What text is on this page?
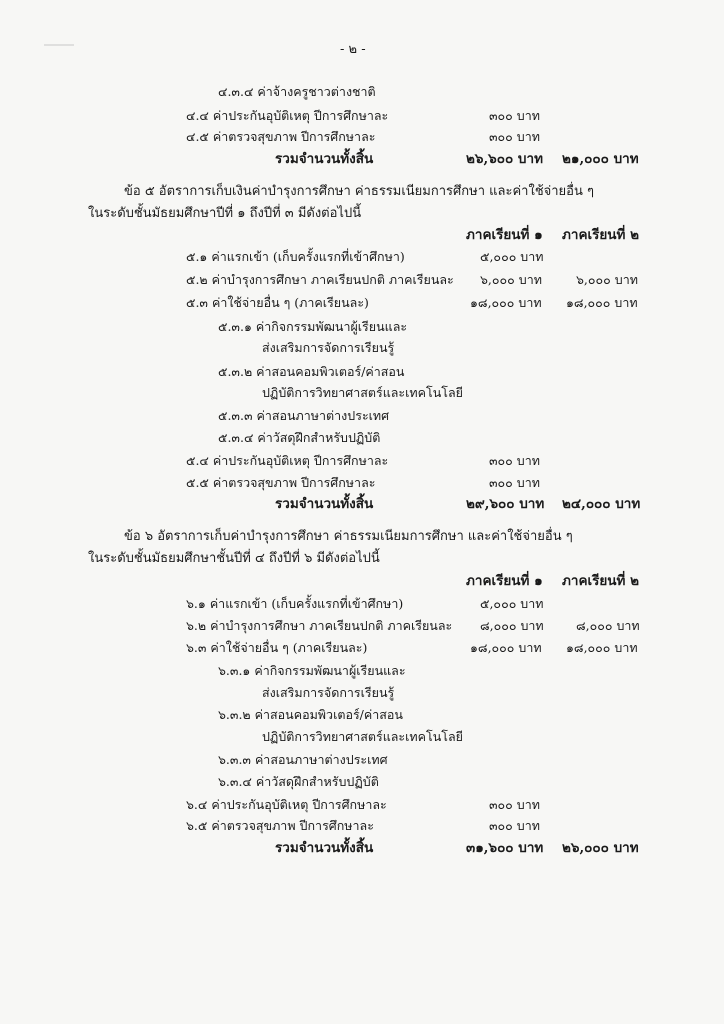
- ๒ -
๔.๓.๔ ค่าจ้างครูชาวต่างชาติ
๔.๔ ค่าประกันอุบัติเหตุ ปีการศึกษาละ	๓๐๐ บาท
๔.๕ ค่าตรวจสุขภาพ ปีการศึกษาละ	๓๐๐ บาท
รวมจำนวนทั้งสิ้น	๒๖,๖๐๐ บาท ๒๑,๐๐๐ บาท
ข้อ ๕ อัตราการเก็บเงินค่าบำรุงการศึกษา ค่าธรรมเนียมการศึกษา และค่าใช้จ่ายอื่น ๆ
ในระดับชั้นมัธยมศึกษาปีที่ ๑ ถึงปีที่ ๓ มีดังต่อไปนี้
ภาคเรียนที่ ๑ ภาคเรียนที่ ๒
๕.๑ ค่าแรกเข้า (เก็บครั้งแรกที่เข้าศึกษา)	๕,๐๐๐ บาท
๕.๒ ค่าบำรุงการศึกษา ภาคเรียนปกติ ภาคเรียนละ ๖,๐๐๐ บาท	๖,๐๐๐ บาท
๕.๓ ค่าใช้จ่ายอื่น ๆ (ภาคเรียนละ)	๑๘,๐๐๐ บาท ๑๘,๐๐๐ บาท
๕.๓.๑ ค่ากิจกรรมพัฒนาผู้เรียนและ
ส่งเสริมการจัดการเรียนรู้
๕.๓.๒ ค่าสอนคอมพิวเตอร์/ค่าสอน
ปฏิบัติการวิทยาศาสตร์และเทคโนโลยี
๕.๓.๓ ค่าสอนภาษาต่างประเทศ
๕.๓.๔ ค่าวัสดุฝึกสำหรับปฏิบัติ
๕.๔ ค่าประกันอุบัติเหตุ ปีการศึกษาละ	๓๐๐ บาท
๕.๕ ค่าตรวจสุขภาพ ปีการศึกษาละ	๓๐๐ บาท
รวมจำนวนทั้งสิ้น	๒๙,๖๐๐ บาท ๒๔,๐๐๐ บาท
ข้อ ๖ อัตราการเก็บค่าบำรุงการศึกษา ค่าธรรมเนียมการศึกษา และค่าใช้จ่ายอื่น ๆ
ในระดับชั้นมัธยมศึกษาชั้นปีที่ ๔ ถึงปีที่ ๖ มีดังต่อไปนี้
ภาคเรียนที่ ๑ ภาคเรียนที่ ๒
๖.๑ ค่าแรกเข้า (เก็บครั้งแรกที่เข้าศึกษา)	๕,๐๐๐ บาท
๖.๒ ค่าบำรุงการศึกษา ภาคเรียนปกติ ภาคเรียนละ ๘,๐๐๐ บาท	๘,๐๐๐ บาท
๖.๓ ค่าใช้จ่ายอื่น ๆ (ภาคเรียนละ)	๑๘,๐๐๐ บาท ๑๘,๐๐๐ บาท
๖.๓.๑ ค่ากิจกรรมพัฒนาผู้เรียนและ
ส่งเสริมการจัดการเรียนรู้
๖.๓.๒ ค่าสอนคอมพิวเตอร์/ค่าสอน
ปฏิบัติการวิทยาศาสตร์และเทคโนโลยี
๖.๓.๓ ค่าสอนภาษาต่างประเทศ
๖.๓.๔ ค่าวัสดุฝึกสำหรับปฏิบัติ
๖.๔ ค่าประกันอุบัติเหตุ ปีการศึกษาละ	๓๐๐ บาท
๖.๕ ค่าตรวจสุขภาพ ปีการศึกษาละ	๓๐๐ บาท
รวมจำนวนทั้งสิ้น	๓๑,๖๐๐ บาท ๒๖,๐๐๐ บาท
